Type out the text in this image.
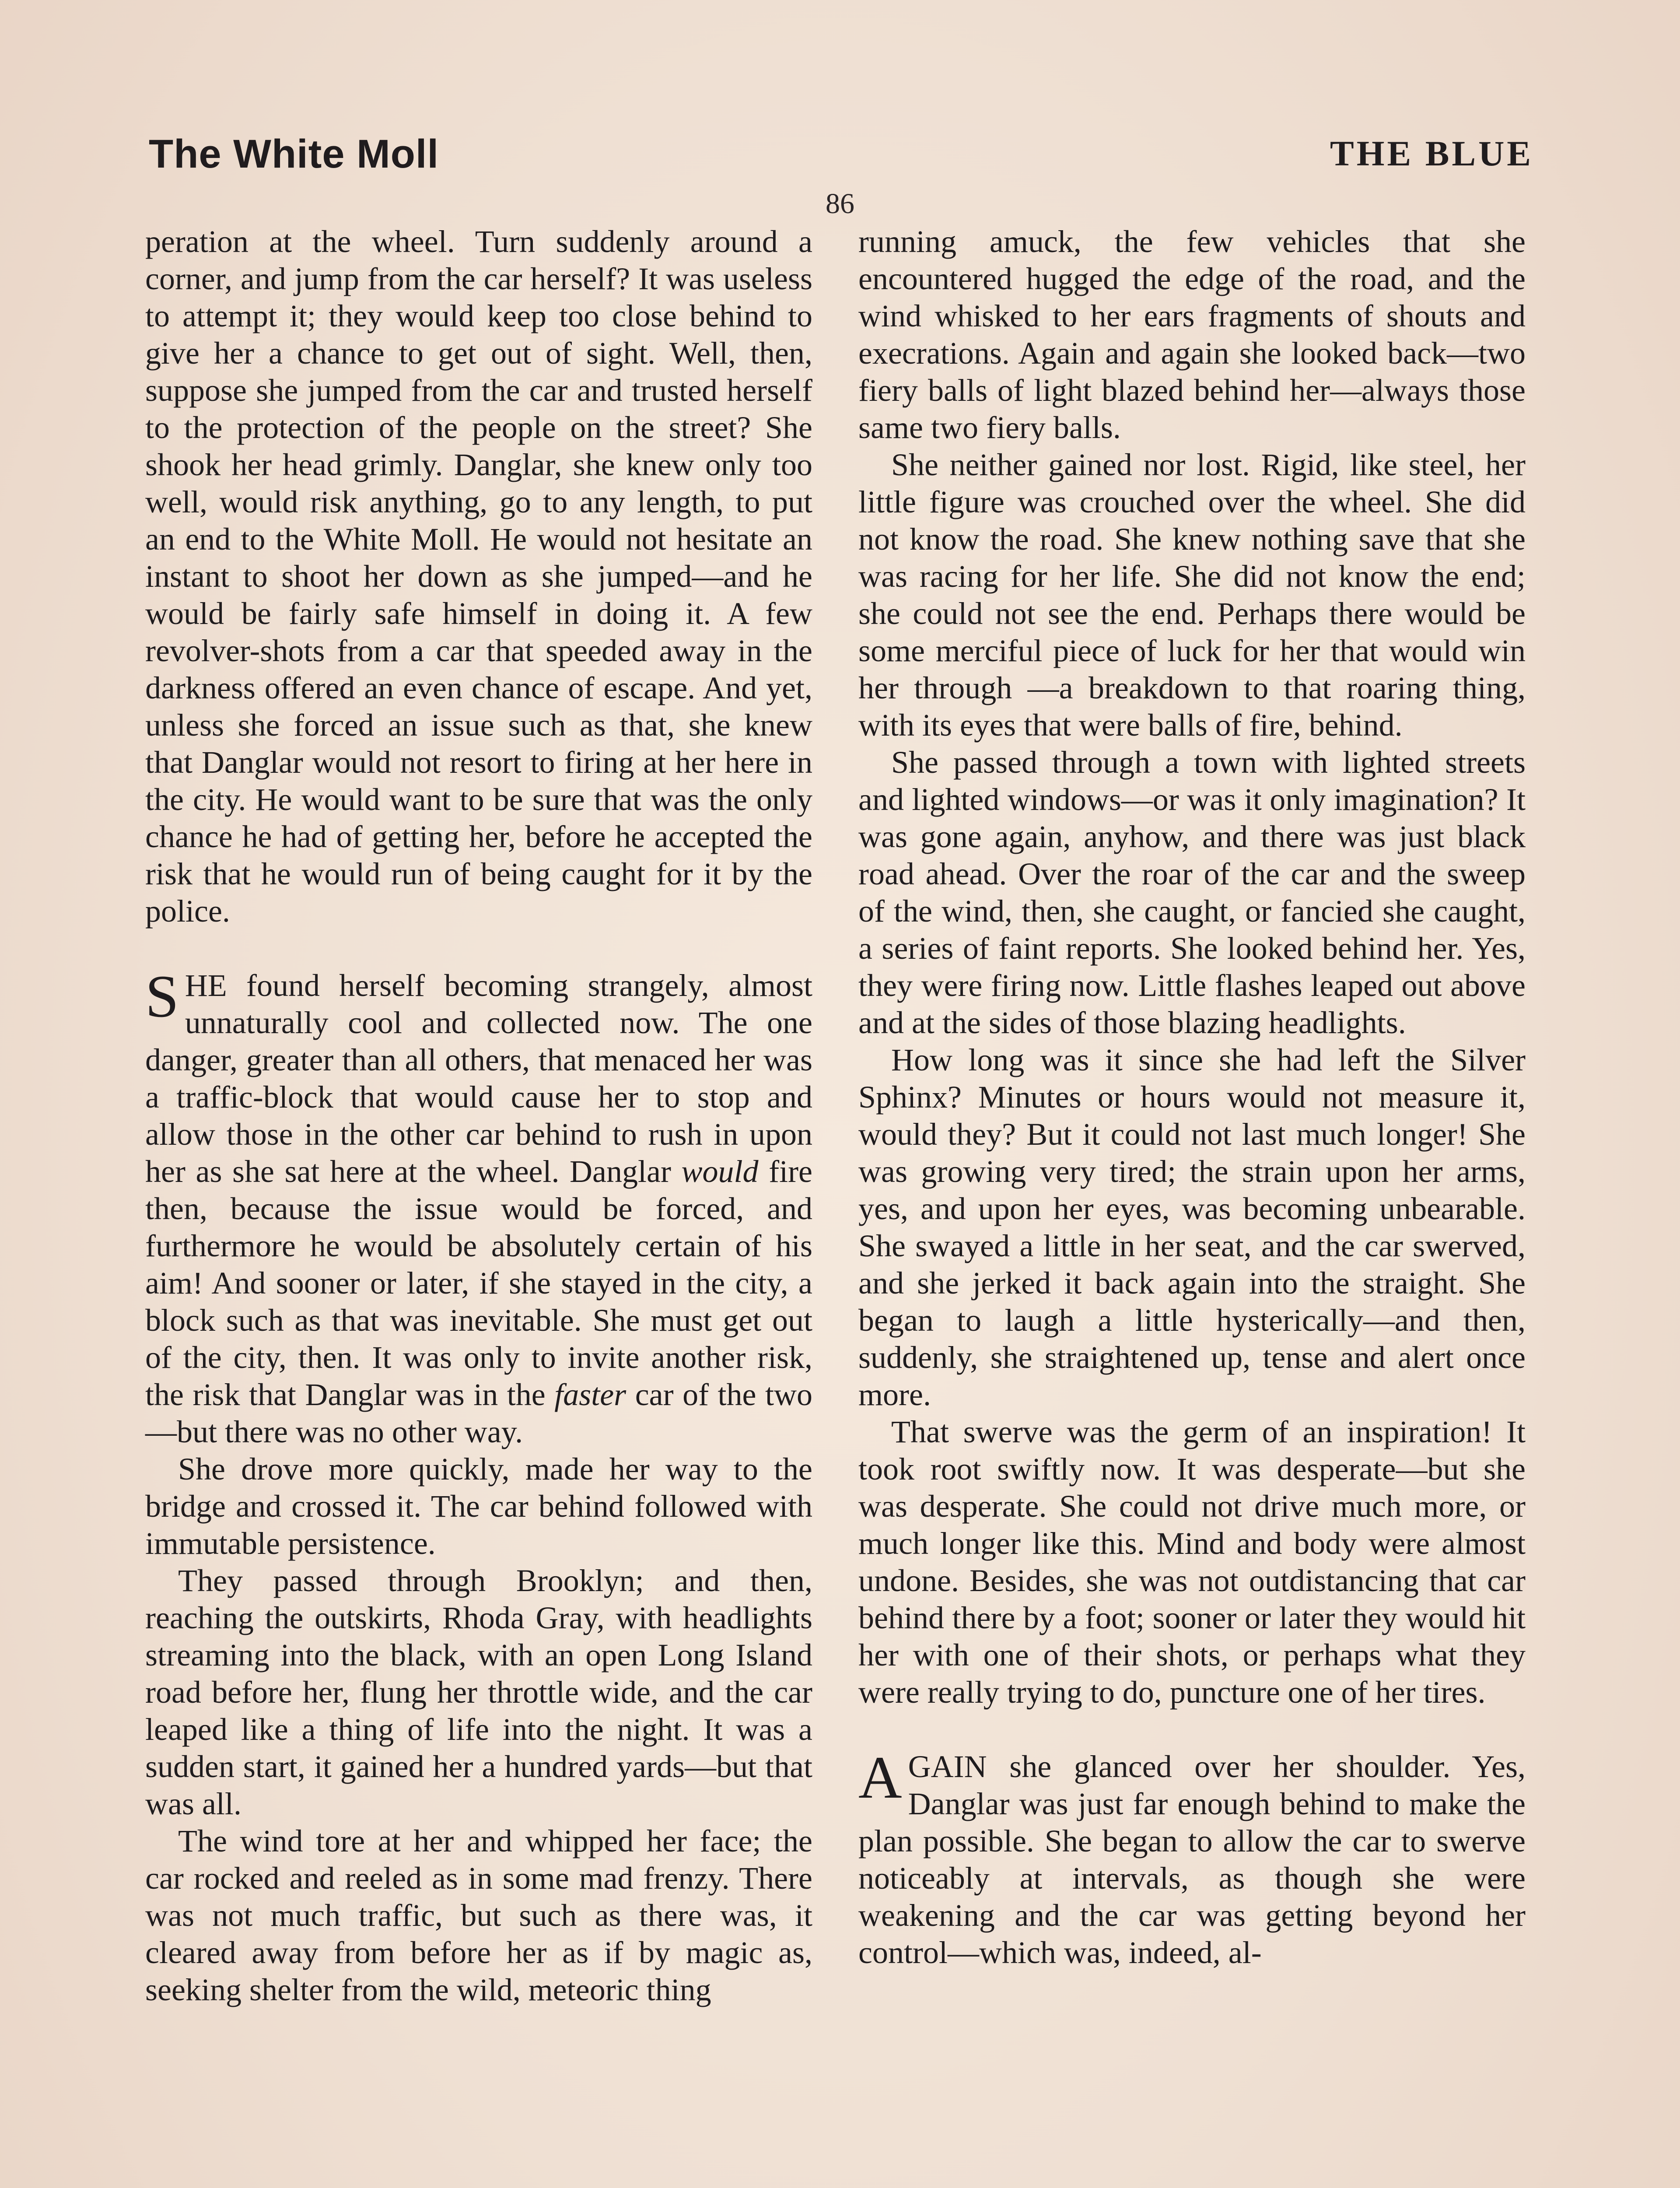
The White Moll	THE BLUE
86

peration at the wheel. Turn suddenly around a corner, and jump from the car herself? It was useless to attempt it; they would keep too close behind to give her a chance to get out of sight. Well, then, suppose she jumped from the car and trusted herself to the protection of the people on the street? She shook her head grimly. Danglar, she knew only too well, would risk anything, go to any length, to put an end to the White Moll. He would not hesitate an instant to shoot her down as she jumped—and he would be fairly safe himself in doing it. A few revolver-shots from a car that speeded away in the darkness offered an even chance of escape. And yet, unless she forced an issue such as that, she knew that Danglar would not resort to firing at her here in the city. He would want to be sure that was the only chance he had of getting her, before he accepted the risk that he would run of being caught for it by the police.

SHE found herself becoming strangely, almost unnaturally cool and collected now. The one danger, greater than all others, that menaced her was a traffic-block that would cause her to stop and allow those in the other car behind to rush in upon her as she sat here at the wheel. Danglar would fire then, because the issue would be forced, and furthermore he would be absolutely certain of his aim! And sooner or later, if she stayed in the city, a block such as that was inevitable. She must get out of the city, then. It was only to invite another risk, the risk that Danglar was in the faster car of the two—but there was no other way.

She drove more quickly, made her way to the bridge and crossed it. The car behind followed with immutable persistence.

They passed through Brooklyn; and then, reaching the outskirts, Rhoda Gray, with headlights streaming into the black, with an open Long Island road before her, flung her throttle wide, and the car leaped like a thing of life into the night. It was a sudden start, it gained her a hundred yards—but that was all.

The wind tore at her and whipped her face; the car rocked and reeled as in some mad frenzy. There was not much traffic, but such as there was, it cleared away from before her as if by magic as, seeking shelter from the wild, meteoric thing

running amuck, the few vehicles that she encountered hugged the edge of the road, and the wind whisked to her ears fragments of shouts and execrations. Again and again she looked back—two fiery balls of light blazed behind her—always those same two fiery balls.

She neither gained nor lost. Rigid, like steel, her little figure was crouched over the wheel. She did not know the road. She knew nothing save that she was racing for her life. She did not know the end; she could not see the end. Perhaps there would be some merciful piece of luck for her that would win her through —a breakdown to that roaring thing, with its eyes that were balls of fire, behind.

She passed through a town with lighted streets and lighted windows—or was it only imagination? It was gone again, anyhow, and there was just black road ahead. Over the roar of the car and the sweep of the wind, then, she caught, or fancied she caught, a series of faint reports. She looked behind her. Yes, they were firing now. Little flashes leaped out above and at the sides of those blazing headlights.

How long was it since she had left the Silver Sphinx? Minutes or hours would not measure it, would they? But it could not last much longer! She was growing very tired; the strain upon her arms, yes, and upon her eyes, was becoming unbearable. She swayed a little in her seat, and the car swerved, and she jerked it back again into the straight. She began to laugh a little hysterically—and then, suddenly, she straightened up, tense and alert once more.

That swerve was the germ of an inspiration! It took root swiftly now. It was desperate—but she was desperate. She could not drive much more, or much longer like this. Mind and body were almost undone. Besides, she was not outdistancing that car behind there by a foot; sooner or later they would hit her with one of their shots, or perhaps what they were really trying to do, puncture one of her tires.

AGAIN she glanced over her shoulder. Yes, Danglar was just far enough behind to make the plan possible. She began to allow the car to swerve noticeably at intervals, as though she were weakening and the car was getting beyond her control—which was, indeed, al-
